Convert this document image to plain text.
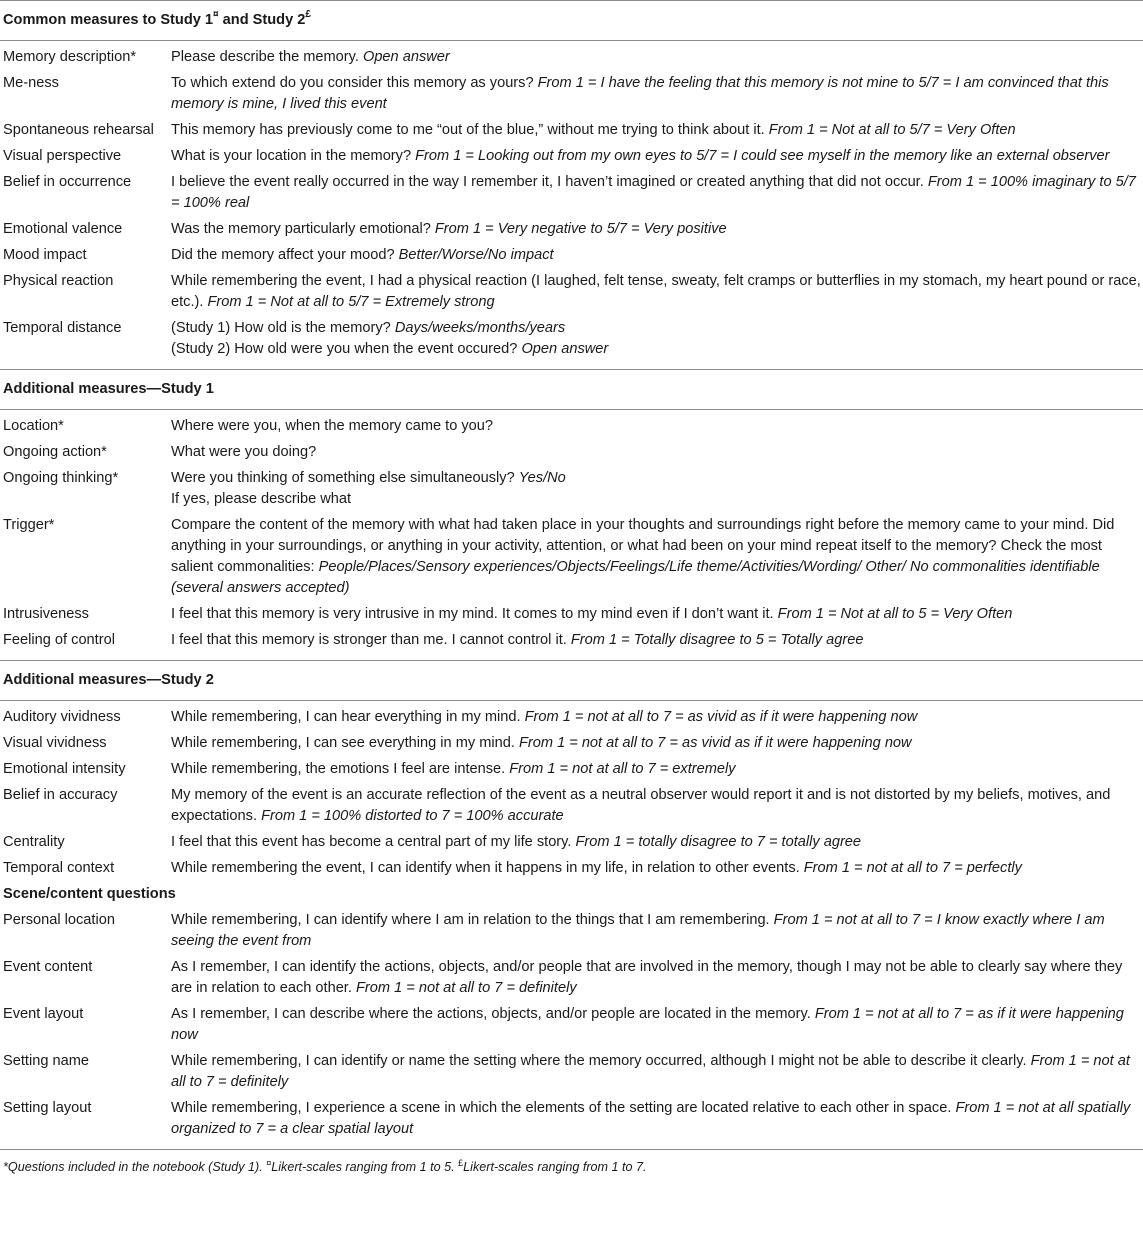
Common measures to Study 1¤ and Study 2£
Memory description*	Please describe the memory. Open answer
Me-ness	To which extend do you consider this memory as yours? From 1 = I have the feeling that this memory is not mine to 5/7 = I am convinced that this memory is mine, I lived this event
Spontaneous rehearsal	This memory has previously come to me “out of the blue,” without me trying to think about it. From 1 = Not at all to 5/7 = Very Often
Visual perspective	What is your location in the memory? From 1 = Looking out from my own eyes to 5/7 = I could see myself in the memory like an external observer
Belief in occurrence	I believe the event really occurred in the way I remember it, I haven’t imagined or created anything that did not occur. From 1 = 100% imaginary to 5/7 = 100% real
Emotional valence	Was the memory particularly emotional? From 1 = Very negative to 5/7 = Very positive
Mood impact	Did the memory affect your mood? Better/Worse/No impact
Physical reaction	While remembering the event, I had a physical reaction (I laughed, felt tense, sweaty, felt cramps or butterflies in my stomach, my heart pound or race, etc.). From 1 = Not at all to 5/7 = Extremely strong
Temporal distance	(Study 1) How old is the memory? Days/weeks/months/years
(Study 2) How old were you when the event occured? Open answer
Additional measures—Study 1
Location*	Where were you, when the memory came to you?
Ongoing action*	What were you doing?
Ongoing thinking*	Were you thinking of something else simultaneously? Yes/No
If yes, please describe what
Trigger*	Compare the content of the memory with what had taken place in your thoughts and surroundings right before the memory came to your mind. Did anything in your surroundings, or anything in your activity, attention, or what had been on your mind repeat itself to the memory? Check the most salient commonalities: People/Places/Sensory experiences/Objects/Feelings/Life theme/Activities/Wording/ Other/ No commonalities identifiable (several answers accepted)
Intrusiveness	I feel that this memory is very intrusive in my mind. It comes to my mind even if I don’t want it. From 1 = Not at all to 5 = Very Often
Feeling of control	I feel that this memory is stronger than me. I cannot control it. From 1 = Totally disagree to 5 = Totally agree
Additional measures—Study 2
Auditory vividness	While remembering, I can hear everything in my mind. From 1 = not at all to 7 = as vivid as if it were happening now
Visual vividness	While remembering, I can see everything in my mind. From 1 = not at all to 7 = as vivid as if it were happening now
Emotional intensity	While remembering, the emotions I feel are intense. From 1 = not at all to 7 = extremely
Belief in accuracy	My memory of the event is an accurate reflection of the event as a neutral observer would report it and is not distorted by my beliefs, motives, and expectations. From 1 = 100% distorted to 7 = 100% accurate
Centrality	I feel that this event has become a central part of my life story. From 1 = totally disagree to 7 = totally agree
Temporal context	While remembering the event, I can identify when it happens in my life, in relation to other events. From 1 = not at all to 7 = perfectly
Scene/content questions
Personal location	While remembering, I can identify where I am in relation to the things that I am remembering. From 1 = not at all to 7 = I know exactly where I am seeing the event from
Event content	As I remember, I can identify the actions, objects, and/or people that are involved in the memory, though I may not be able to clearly say where they are in relation to each other. From 1 = not at all to 7 = definitely
Event layout	As I remember, I can describe where the actions, objects, and/or people are located in the memory. From 1 = not at all to 7 = as if it were happening now
Setting name	While remembering, I can identify or name the setting where the memory occurred, although I might not be able to describe it clearly. From 1 = not at all to 7 = definitely
Setting layout	While remembering, I experience a scene in which the elements of the setting are located relative to each other in space. From 1 = not at all spatially organized to 7 = a clear spatial layout
*Questions included in the notebook (Study 1). ¤Likert-scales ranging from 1 to 5. £Likert-scales ranging from 1 to 7.
